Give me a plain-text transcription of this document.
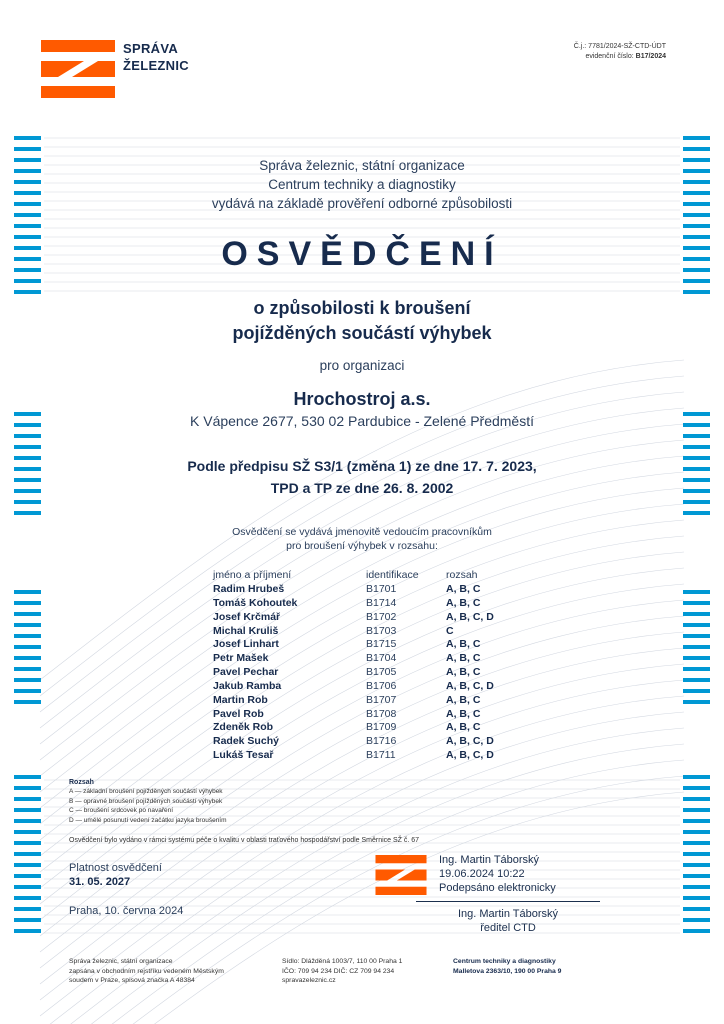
SPRÁVA
ŽELEZNIC
Č.j.: 7781/2024-SŽ-CTD-ÚDT
evidenční číslo: B17/2024
Správa železnic, státní organizace
Centrum techniky a diagnostiky
vydává na základě prověření odborné způsobilosti
OSVĚDČENÍ
o způsobilosti k broušení
pojížděných součástí výhybek
pro organizaci
Hrochostroj a.s.
K Vápence 2677, 530 02 Pardubice - Zelené Předměstí
Podle předpisu SŽ S3/1 (změna 1) ze dne 17. 7. 2023,
TPD a TP ze dne 26. 8. 2002
Osvědčení se vydává jmenovitě vedoucím pracovníkům
pro broušení výhybek v rozsahu:
jméno a příjmení	identifikace	rozsah
Radim Hrubeš	B1701	A, B, C
Tomáš Kohoutek	B1714	A, B, C
Josef Krčmář	B1702	A, B, C, D
Michal Kruliš	B1703	C
Josef Linhart	B1715	A, B, C
Petr Mašek	B1704	A, B, C
Pavel Pechar	B1705	A, B, C
Jakub Ramba	B1706	A, B, C, D
Martin Rob	B1707	A, B, C
Pavel Rob	B1708	A, B, C
Zdeněk Rob	B1709	A, B, C
Radek Suchý	B1716	A, B, C, D
Lukáš Tesař	B1711	A, B, C, D
Rozsah
A — základní broušení pojížděných součástí výhybek
B — opravné broušení pojížděných součástí výhybek
C — broušení srdcovek po navaření
D — umělé posunutí vedení začátku jazyka broušením
Osvědčení bylo vydáno v rámci systému péče o kvalitu v oblasti traťového hospodářství podle Směrnice SŽ č. 67
Platnost osvědčení
31. 05. 2027
Praha, 10. června 2024
Ing. Martin Táborský
19.06.2024 10:22
Podepsáno elektronicky
Ing. Martin Táborský
ředitel CTD
Správa železnic, státní organizace
zapsána v obchodním rejstříku vedeném Městským
soudem v Praze, spisová značka A 48384
Sídlo: Dlážděná 1003/7, 110 00 Praha 1
IČO: 709 94 234 DIČ: CZ 709 94 234
spravazeleznic.cz
Centrum techniky a diagnostiky
Malletova 2363/10, 190 00 Praha 9
